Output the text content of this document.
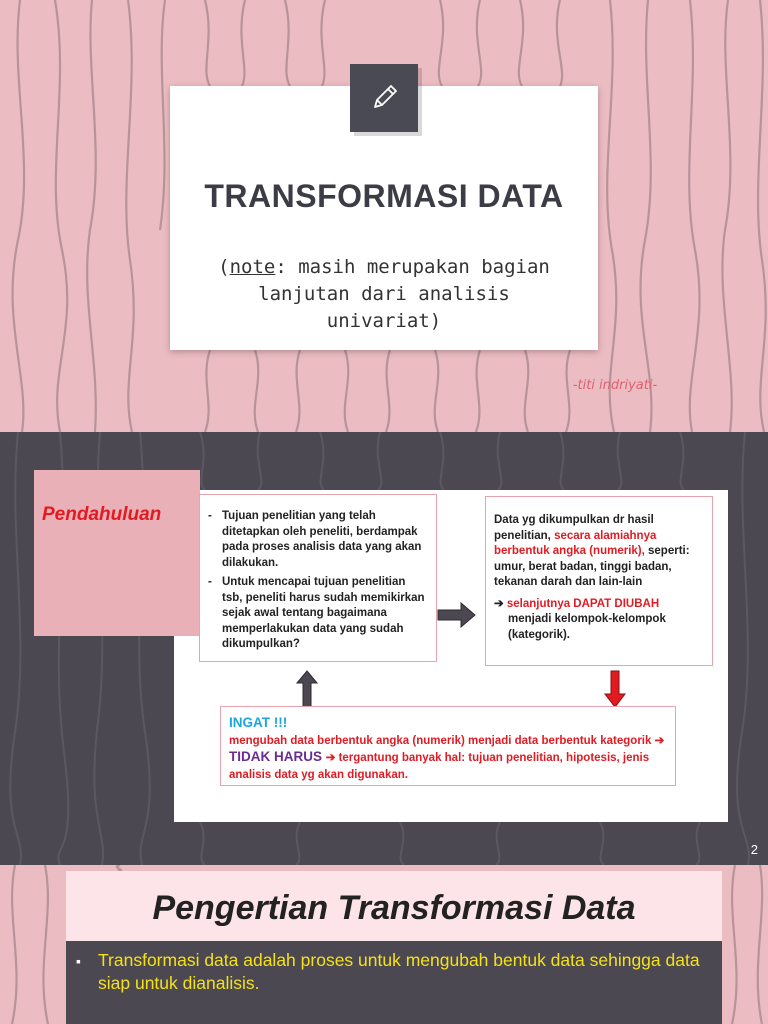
TRANSFORMASI DATA
(note: masih merupakan bagian lanjutan dari analisis univariat)
-titi indriyati-
Pendahuluan	- Tujuan penelitian yang telah ditetapkan oleh peneliti, berdampak pada proses analisis data yang akan dilakukan.
- Untuk mencapai tujuan penelitian tsb, peneliti harus sudah memikirkan sejak awal tentang bagaimana memperlakukan data yang sudah dikumpulkan?
Data yg dikumpulkan dr hasil penelitian, secara alamiahnya berbentuk angka (numerik), seperti: umur, berat badan, tinggi badan, tekanan darah dan lain-lain
➔ selanjutnya DAPAT DIUBAH
menjadi kelompok-kelompok (kategorik).
INGAT !!!
mengubah data berbentuk angka (numerik) menjadi data berbentuk kategorik ➔ TIDAK HARUS ➔ tergantung banyak hal: tujuan penelitian, hipotesis, jenis analisis data yg akan digunakan.
2
Pengertian Transformasi Data
▪ Transformasi data adalah proses untuk mengubah bentuk data sehingga data siap untuk dianalisis.
